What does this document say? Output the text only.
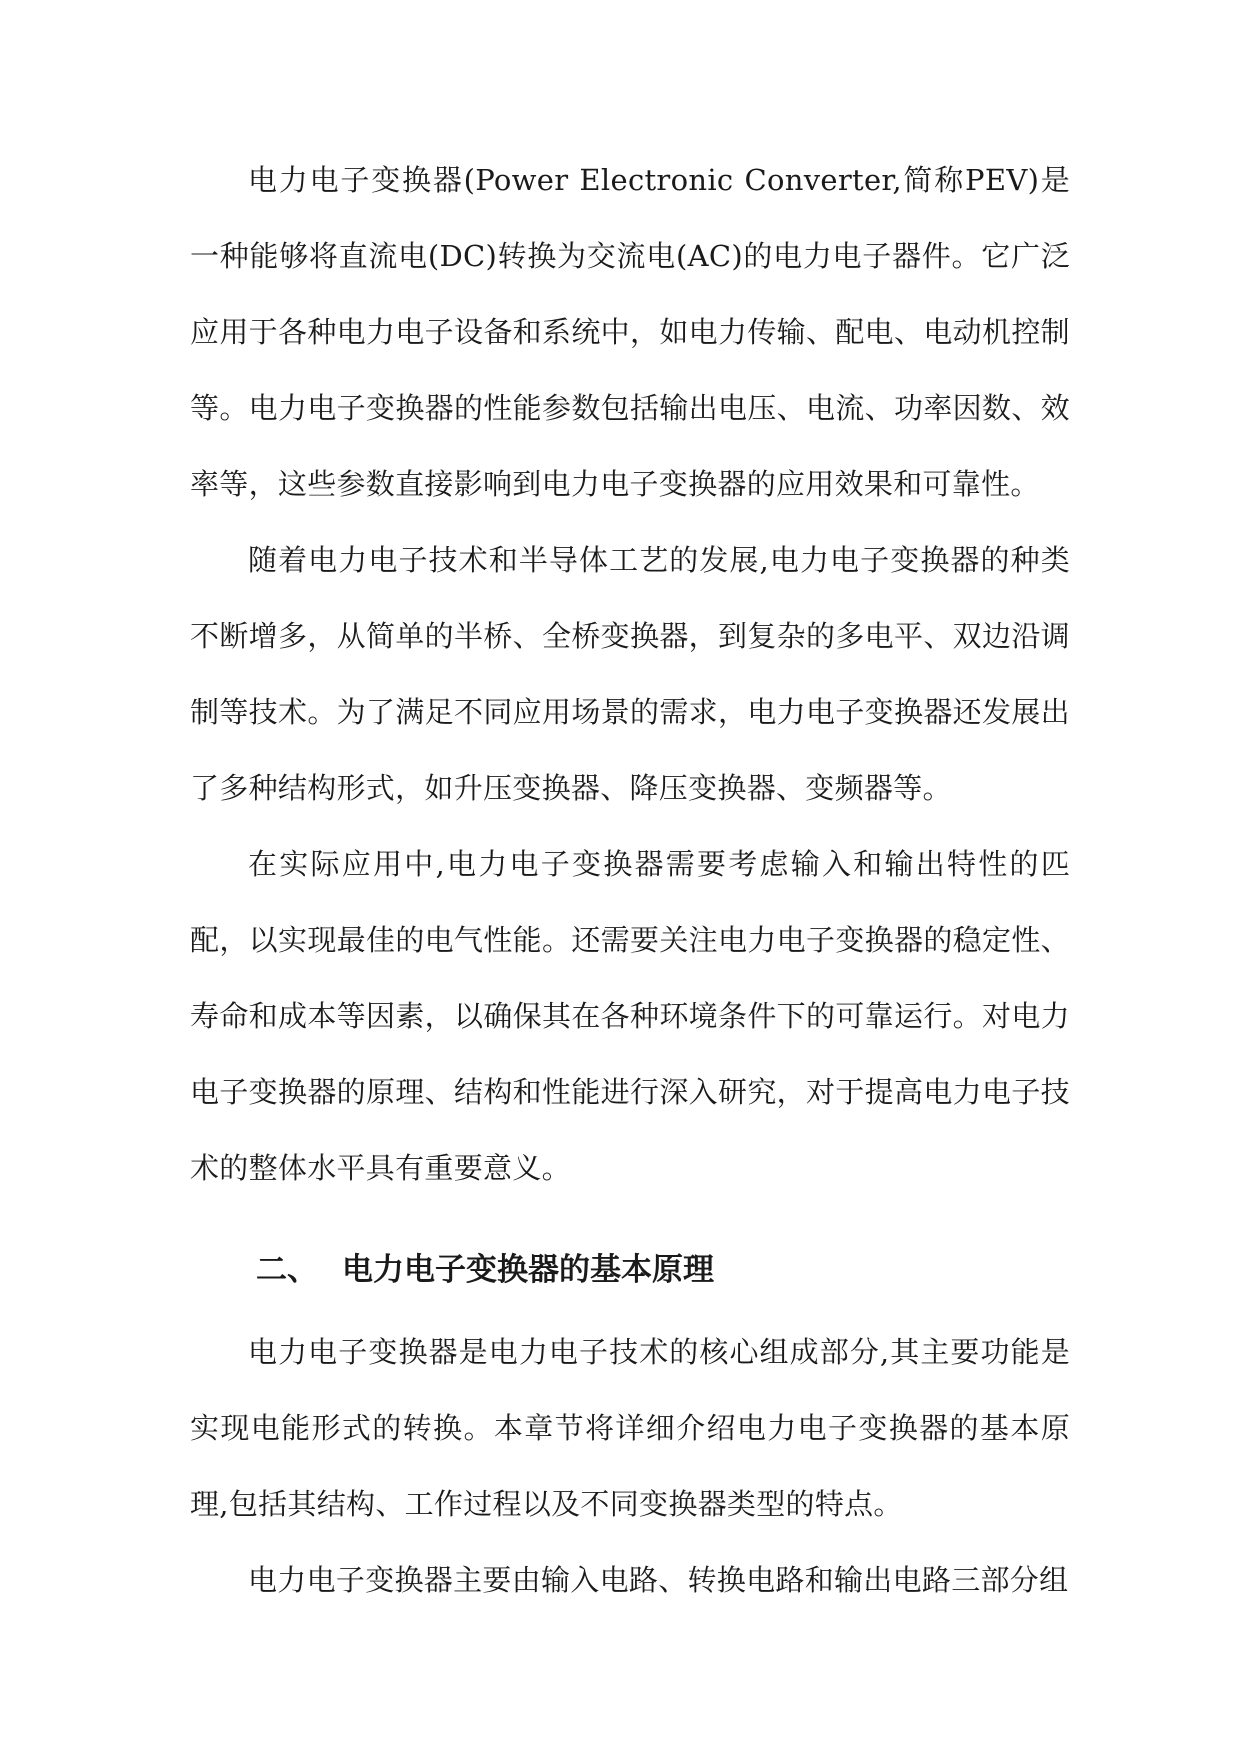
电力电子变换器(Power Electronic Converter,简称PEV)是一种能够将直流电(DC)转换为交流电(AC)的电力电子器件。它广泛应用于各种电力电子设备和系统中，如电力传输、配电、电动机控制等。电力电子变换器的性能参数包括输出电压、电流、功率因数、效率等，这些参数直接影响到电力电子变换器的应用效果和可靠性。

随着电力电子技术和半导体工艺的发展,电力电子变换器的种类不断增多，从简单的半桥、全桥变换器，到复杂的多电平、双边沿调制等技术。为了满足不同应用场景的需求，电力电子变换器还发展出了多种结构形式，如升压变换器、降压变换器、变频器等。

在实际应用中,电力电子变换器需要考虑输入和输出特性的匹配，以实现最佳的电气性能。还需要关注电力电子变换器的稳定性、寿命和成本等因素，以确保其在各种环境条件下的可靠运行。对电力电子变换器的原理、结构和性能进行深入研究，对于提高电力电子技术的整体水平具有重要意义。

二、 电力电子变换器的基本原理

电力电子变换器是电力电子技术的核心组成部分,其主要功能是实现电能形式的转换。本章节将详细介绍电力电子变换器的基本原理,包括其结构、工作过程以及不同变换器类型的特点。

电力电子变换器主要由输入电路、转换电路和输出电路三部分组
